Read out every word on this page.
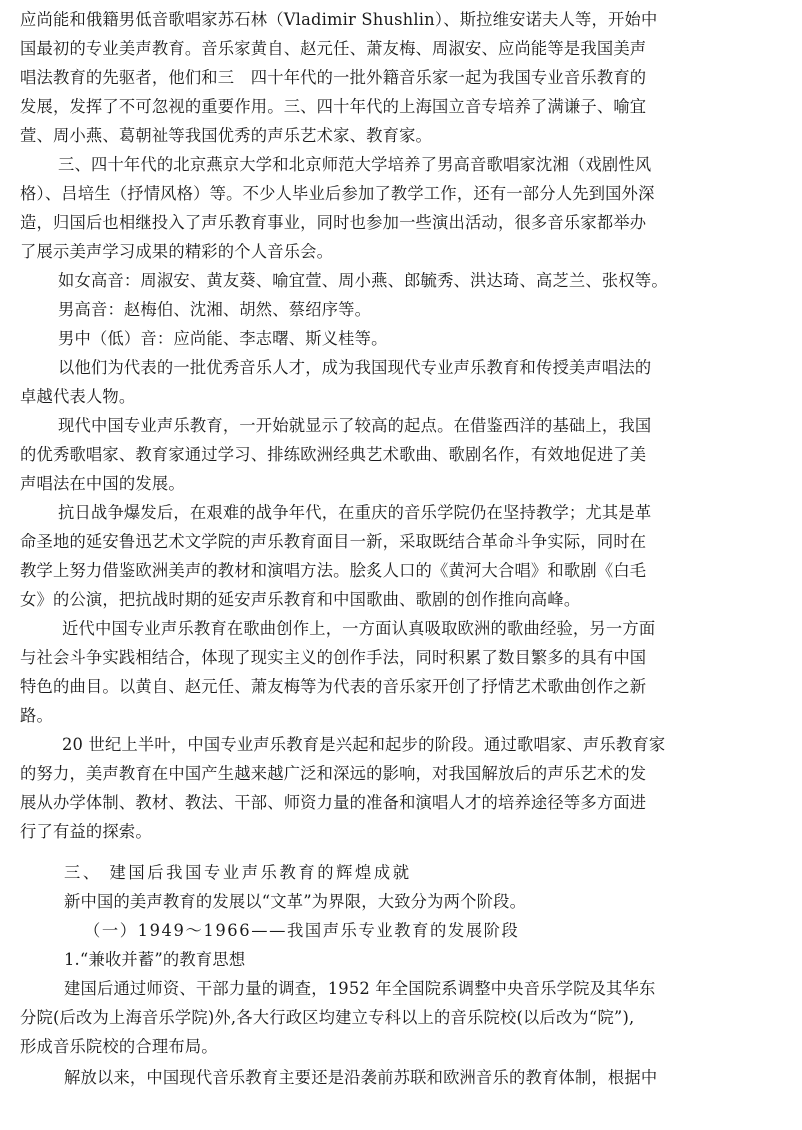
应尚能和俄籍男低音歌唱家苏石林（Vladimir Shushlin）、斯拉维安诺夫人等，开始中

国最初的专业美声教育。音乐家黄自、赵元任、萧友梅、周淑安、应尚能等是我国美声

唱法教育的先驱者，他们和三　四十年代的一批外籍音乐家一起为我国专业音乐教育的

发展，发挥了不可忽视的重要作用。三、四十年代的上海国立音专培养了满谦子、喻宜

萱、周小燕、葛朝祉等我国优秀的声乐艺术家、教育家。

三、四十年代的北京燕京大学和北京师范大学培养了男高音歌唱家沈湘（戏剧性风

格）、吕培生（抒情风格）等。不少人毕业后参加了教学工作，还有一部分人先到国外深

造，归国后也相继投入了声乐教育事业，同时也参加一些演出活动，很多音乐家都举办

了展示美声学习成果的精彩的个人音乐会。

如女高音：周淑安、黄友葵、喻宜萱、周小燕、郎毓秀、洪达琦、高芝兰、张权等。

男高音：赵梅伯、沈湘、胡然、蔡绍序等。

男中（低）音：应尚能、李志曙、斯义桂等。

以他们为代表的一批优秀音乐人才，成为我国现代专业声乐教育和传授美声唱法的

卓越代表人物。

现代中国专业声乐教育，一开始就显示了较高的起点。在借鉴西洋的基础上，我国

的优秀歌唱家、教育家通过学习、排练欧洲经典艺术歌曲、歌剧名作，有效地促进了美

声唱法在中国的发展。

抗日战争爆发后，在艰难的战争年代，在重庆的音乐学院仍在坚持教学；尤其是革

命圣地的延安鲁迅艺术文学院的声乐教育面目一新，采取既结合革命斗争实际，同时在

教学上努力借鉴欧洲美声的教材和演唱方法。脍炙人口的《黄河大合唱》和歌剧《白毛

女》的公演，把抗战时期的延安声乐教育和中国歌曲、歌剧的创作推向高峰。

近代中国专业声乐教育在歌曲创作上，一方面认真吸取欧洲的歌曲经验，另一方面

与社会斗争实践相结合，体现了现实主义的创作手法，同时积累了数目繁多的具有中国

特色的曲目。以黄自、赵元任、萧友梅等为代表的音乐家开创了抒情艺术歌曲创作之新

路。

20 世纪上半叶，中国专业声乐教育是兴起和起步的阶段。通过歌唱家、声乐教育家

的努力，美声教育在中国产生越来越广泛和深远的影响，对我国解放后的声乐艺术的发

展从办学体制、教材、教法、干部、师资力量的准备和演唱人才的培养途径等多方面进

行了有益的探索。

三、 建国后我国专业声乐教育的辉煌成就

新中国的美声教育的发展以“文革”为界限，大致分为两个阶段。

（一）1949～1966——我国声乐专业教育的发展阶段

1.“兼收并蓄”的教育思想

建国后通过师资、干部力量的调查，1952 年全国院系调整中央音乐学院及其华东

分院(后改为上海音乐学院)外,各大行政区均建立专科以上的音乐院校(以后改为“院”),

形成音乐院校的合理布局。

解放以来，中国现代音乐教育主要还是沿袭前苏联和欧洲音乐的教育体制，根据中
